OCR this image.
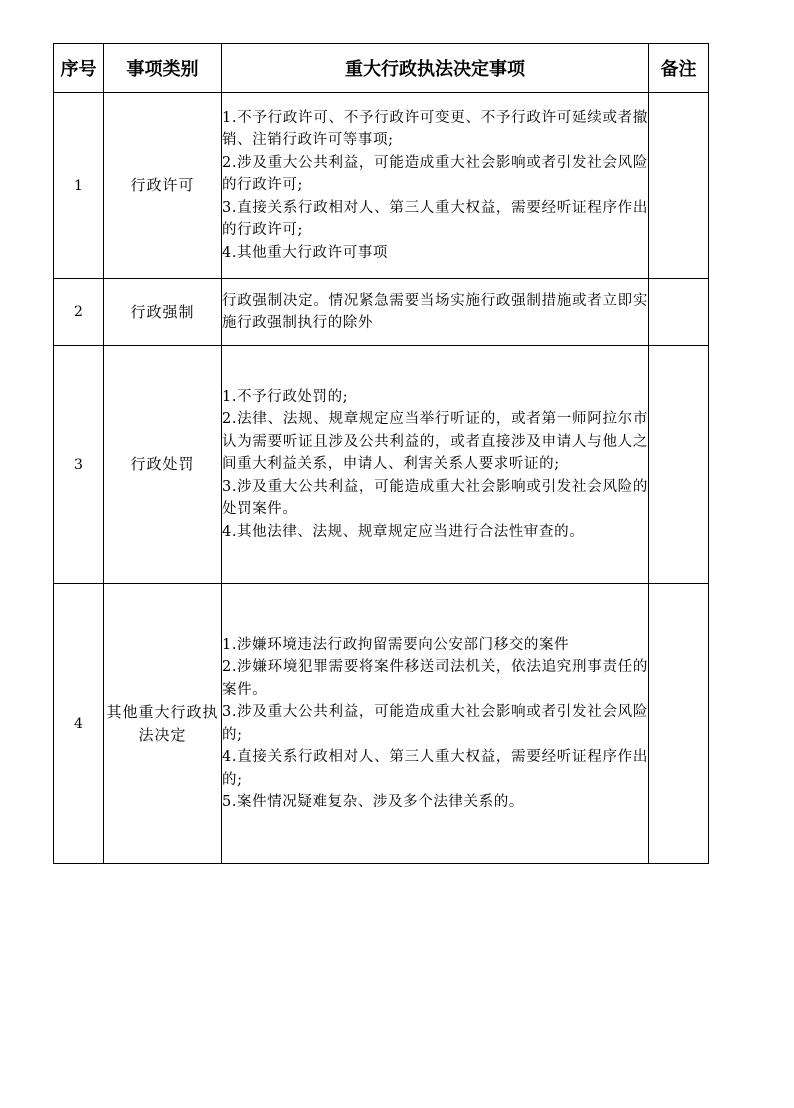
序号	事项类别	重大行政执法决定事项	备注
1	行政许可	1.不予行政许可、不予行政许可变更、不予行政许可延续或者撤销、注销行政许可等事项;
2.涉及重大公共利益，可能造成重大社会影响或者引发社会风险的行政许可;
3.直接关系行政相对人、第三人重大权益，需要经听证程序作出的行政许可;
4.其他重大行政许可事项	

2	行政强制	行政强制决定。情况紧急需要当场实施行政强制措施或者立即实施行政强制执行的除外	

3	行政处罚	1.不予行政处罚的;
2.法律、法规、规章规定应当举行听证的，或者第一师阿拉尔市认为需要听证且涉及公共利益的，或者直接涉及申请人与他人之间重大利益关系，申请人、利害关系人要求听证的;
3.涉及重大公共利益，可能造成重大社会影响或引发社会风险的处罚案件。
4.其他法律、法规、规章规定应当进行合法性审查的。	

4	其他重大行政执法决定	1.涉嫌环境违法行政拘留需要向公安部门移交的案件
2.涉嫌环境犯罪需要将案件移送司法机关，依法追究刑事责任的案件。
3.涉及重大公共利益，可能造成重大社会影响或者引发社会风险的;
4.直接关系行政相对人、第三人重大权益，需要经听证程序作出的;
5.案件情况疑难复杂、涉及多个法律关系的。	
